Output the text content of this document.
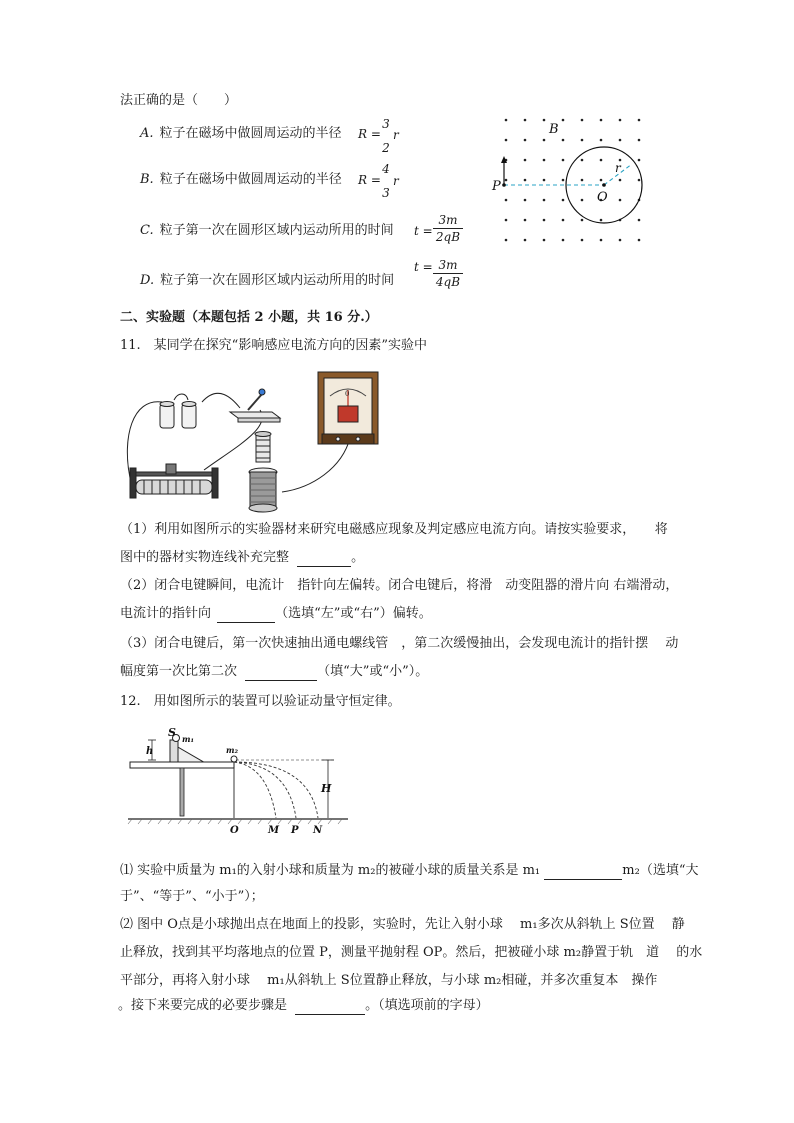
法正确的是（　　）
A. 粒子在磁场中做圆周运动的半径 R =
3
2
r
B. 粒子在磁场中做圆周运动的半径 R =
4
3
r
C. 粒子第一次在圆形区域内运动所用的时间 t =
3m
2qB
D. 粒子第一次在圆形区域内运动所用的时间
t = 3m
4qB
B
P
O
r
二、实验题（本题包括 2 小题，共 16 分.）
11.　某同学在探究“影响感应电流方向的因素”实验中
0
（1）利用如图所示的实验器材来研究电磁感应现象及判定感应电流方向。请按实验要求，　　将
图中的器材实物连线补充完整	。
（2）闭合电键瞬间，电流计　指针向左偏转。闭合电键后，将滑　动变阻器的滑片向 右端滑动，
电流计的指针向	（选填“左”或“右”）偏转。
（3）闭合电键后，第一次快速抽出通电螺线管　，第二次缓慢抽出，会发现电流计的指针摆　 动
幅度第一次比第二次	（填“大”或“小”）。
12.　用如图所示的装置可以验证动量守恒定律。
S m₁
h	m₂
H
O	M P N
⑴ 实验中质量为 m₁的入射小球和质量为 m₂的被碰小球的质量关系是 m₁	m₂（选填“大
于”、“等于”、“小于”）；
⑵ 图中 O点是小球抛出点在地面上的投影，实验时，先让入射小球　 m₁多次从斜轨上 S位置　 静
止释放，找到其平均落地点的位置 P，测量平抛射程 OP。然后，把被碰小球 m₂静置于轨　道　 的水
平部分，再将入射小球　 m₁从斜轨上 S位置静止释放，与小球 m₂相碰，并多次重复本　操作
。接下来要完成的必要步骤是	。（填选项前的字母）
